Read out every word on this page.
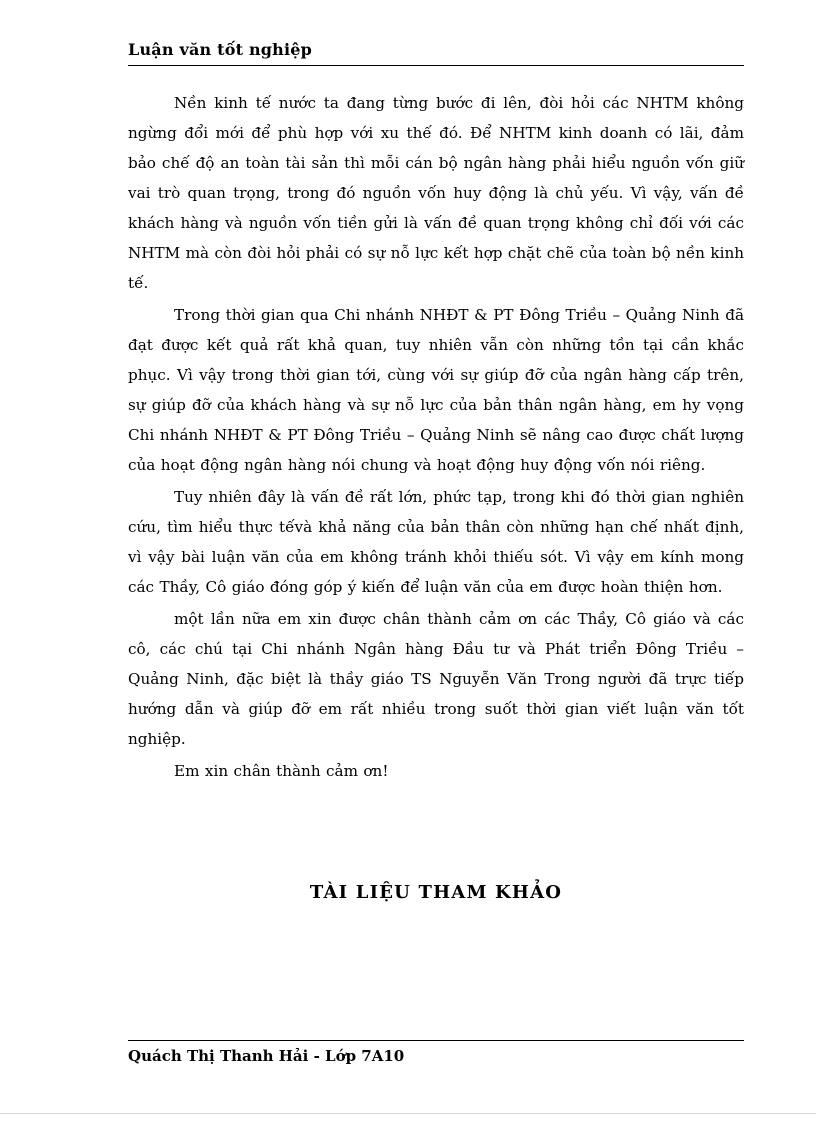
Luận văn tốt nghiệp

Nền kinh tế nước ta đang từng bước đi lên, đòi hỏi các NHTM không ngừng đổi mới để phù hợp với xu thế đó. Để NHTM kinh doanh có lãi, đảm bảo chế độ an toàn tài sản thì mỗi cán bộ ngân hàng phải hiểu nguồn vốn giữ vai trò quan trọng, trong đó nguồn vốn huy động là chủ yếu. Vì vậy, vấn đề khách hàng và nguồn vốn tiền gửi là vấn đề quan trọng không chỉ đối với các NHTM mà còn đòi hỏi phải có sự nỗ lực kết hợp chặt chẽ của toàn bộ nền kinh tế.

Trong thời gian qua Chi nhánh NHĐT & PT Đông Triều – Quảng Ninh đã đạt được kết quả rất khả quan, tuy nhiên vẫn còn những tồn tại cần khắc phục. Vì vậy trong thời gian tới, cùng với sự giúp đỡ của ngân hàng cấp trên, sự giúp đỡ của khách hàng và sự nỗ lực của bản thân ngân hàng, em hy vọng Chi nhánh NHĐT & PT Đông Triều – Quảng Ninh sẽ nâng cao được chất lượng của hoạt động ngân hàng nói chung và hoạt động huy động vốn nói riêng.

Tuy nhiên đây là vấn đề rất lớn, phức tạp, trong khi đó thời gian nghiên cứu, tìm hiểu thực tếvà khả năng của bản thân còn những hạn chế nhất định, vì vậy bài luận văn của em không tránh khỏi thiếu sót. Vì vậy em kính mong các Thầy, Cô giáo đóng góp ý kiến để luận văn của em được hoàn thiện hơn.

một lần nữa em xin được chân thành cảm ơn các Thầy, Cô giáo và các cô, các chú tại Chi nhánh Ngân hàng Đầu tư và Phát triển Đông Triều – Quảng Ninh, đặc biệt là thầy giáo TS Nguyễn Văn Trong người đã trực tiếp hướng dẫn và giúp đỡ em rất nhiều trong suốt thời gian viết luận văn tốt nghiệp.

Em xin chân thành cảm ơn!

TÀI LIỆU THAM KHẢO
Quách Thị Thanh Hải - Lớp 7A10
